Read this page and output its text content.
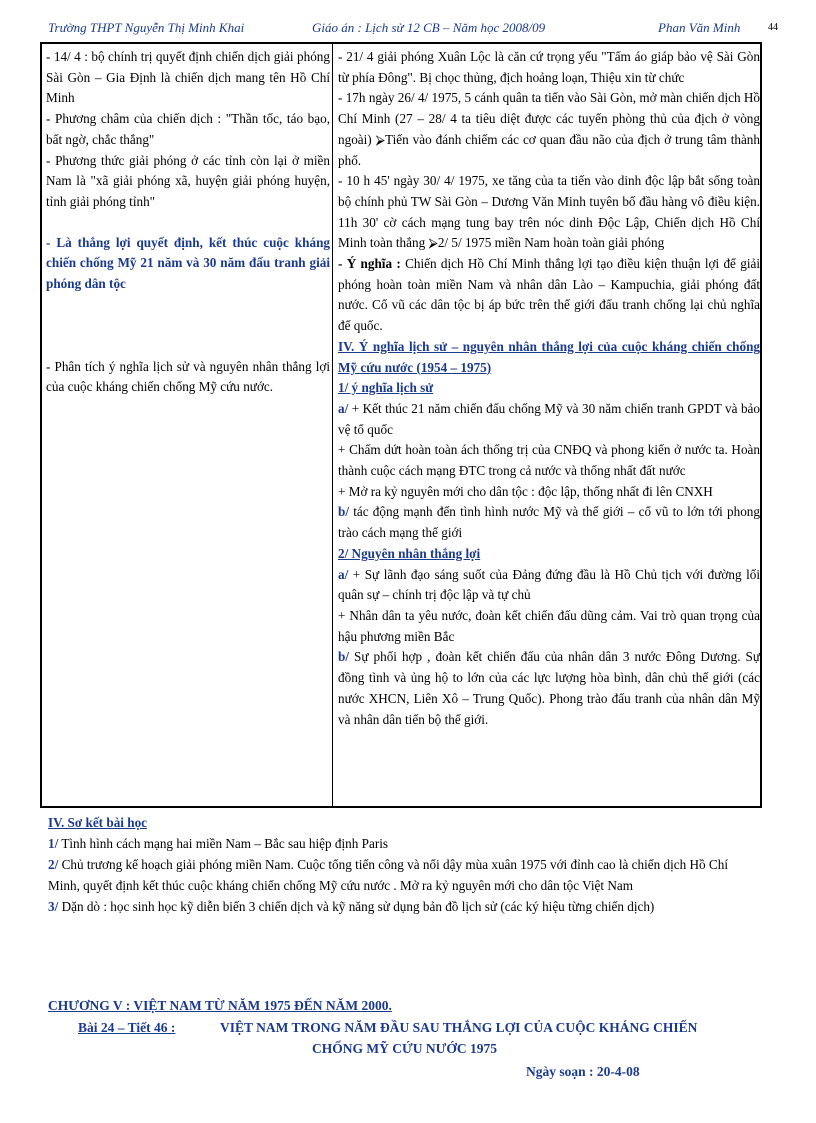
Trường THPT Nguyễn Thị Minh Khai	Giáo án : Lịch sử 12 CB – Năm học 2008/09	Phan Văn Minh	44

- 14/ 4 : bộ chính trị quyết định chiến dịch giải phóng Sài Gòn – Gia Định là chiến dịch mang tên Hồ Chí Minh

- Phương châm của chiến dịch : "Thần tốc, táo bạo, bất ngờ, chắc thắng"

- Phương thức giải phóng ở các tỉnh còn lại ở miền Nam là "xã giải phóng xã, huyện giải phóng huyện, tỉnh giải phóng tỉnh"

- Là thắng lợi quyết định, kết thúc cuộc kháng chiến chống Mỹ 21 năm và 30 năm đấu tranh giải phóng dân tộc

- Phân tích ý nghĩa lịch sử và nguyên nhân thắng lợi của cuộc kháng chiến chống Mỹ cứu nước.

- 21/ 4 giải phóng Xuân Lộc là căn cứ trọng yếu "Tấm áo giáp bảo vệ Sài Gòn từ phía Đông". Bị chọc thủng, địch hoảng loạn, Thiệu xin từ chức

- 17h ngày 26/ 4/ 1975, 5 cánh quân ta tiến vào Sài Gòn, mở màn chiến dịch Hồ Chí Minh (27 – 28/ 4 ta tiêu diệt được các tuyến phòng thủ của địch ở vòng ngoài) ⮚Tiến vào đánh chiếm các cơ quan đầu não của địch ở trung tâm thành phố.

- 10 h 45' ngày 30/ 4/ 1975, xe tăng của ta tiến vào dinh độc lập bắt sống toàn bộ chính phủ TW Sài Gòn – Dương Văn Minh tuyên bố đầu hàng vô điều kiện. 11h 30' cờ cách mạng tung bay trên nóc dinh Độc Lập, Chiến dịch Hồ Chí Minh toàn thắng ⮚2/ 5/ 1975 miền Nam hoàn toàn giải phóng

- Ý nghĩa : Chiến dịch Hồ Chí Minh thắng lợi tạo điều kiện thuận lợi để giải phóng hoàn toàn miền Nam và nhân dân Lào – Kampuchia, giải phóng đất nước. Cổ vũ các dân tộc bị áp bức trên thế giới đấu tranh chống lại chủ nghĩa đế quốc.

IV. Ý nghĩa lịch sử – nguyên nhân thắng lợi của cuộc kháng chiến chống Mỹ cứu nước (1954 – 1975)

1/ ý nghĩa lịch sử

a/ + Kết thúc 21 năm chiến đấu chống Mỹ và 30 năm chiến tranh GPDT và bảo vệ tổ quốc

+ Chấm dứt hoàn toàn ách thống trị của CNĐQ và phong kiến ở nước ta. Hoàn thành cuộc cách mạng ĐTC trong cả nước và thống nhất đất nước

+ Mở ra kỷ nguyên mới cho dân tộc : độc lập, thống nhất đi lên CNXH

b/ tác động mạnh đến tình hình nước Mỹ và thế giới – cổ vũ to lớn tới phong trào cách mạng thế giới

2/ Nguyên nhân thắng lợi

a/ + Sự lãnh đạo sáng suốt của Đảng đứng đầu là Hồ Chủ tịch với đường lối quân sự – chính trị độc lập và tự chủ

+ Nhân dân ta yêu nước, đoàn kết chiến đấu dũng cảm. Vai trò quan trọng của hậu phương miền Bắc

b/ Sự phối hợp , đoàn kết chiến đấu của nhân dân 3 nước Đông Dương. Sự đồng tình và ủng hộ to lớn của các lực lượng hòa bình, dân chủ thế giới (các nước XHCN, Liên Xô – Trung Quốc). Phong trào đấu tranh của nhân dân Mỹ và nhân dân tiến bộ thế giới.

IV. Sơ kết bài học

1/ Tình hình cách mạng hai miền Nam – Bắc sau hiệp định Paris

2/ Chủ trương kế hoạch giải phóng miền Nam. Cuộc tổng tiến công và nổi dậy mùa xuân 1975 với đỉnh cao là chiến dịch Hồ Chí Minh, quyết định kết thúc cuộc kháng chiến chống Mỹ cứu nước . Mở ra kỷ nguyên mới cho dân tộc Việt Nam

3/ Dặn dò : học sinh học kỹ diễn biến 3 chiến dịch và kỹ năng sử dụng bản đồ lịch sử (các ký hiệu từng chiến dịch)

CHƯƠNG V : VIỆT NAM TỪ NĂM 1975 ĐẾN NĂM 2000.
Bài 24 – Tiết 46 :	VIỆT NAM TRONG NĂM ĐẦU SAU THẮNG LỢI CỦA CUỘC KHÁNG CHIẾN
CHỐNG MỸ CỨU NƯỚC 1975
Ngày soạn : 20-4-08
